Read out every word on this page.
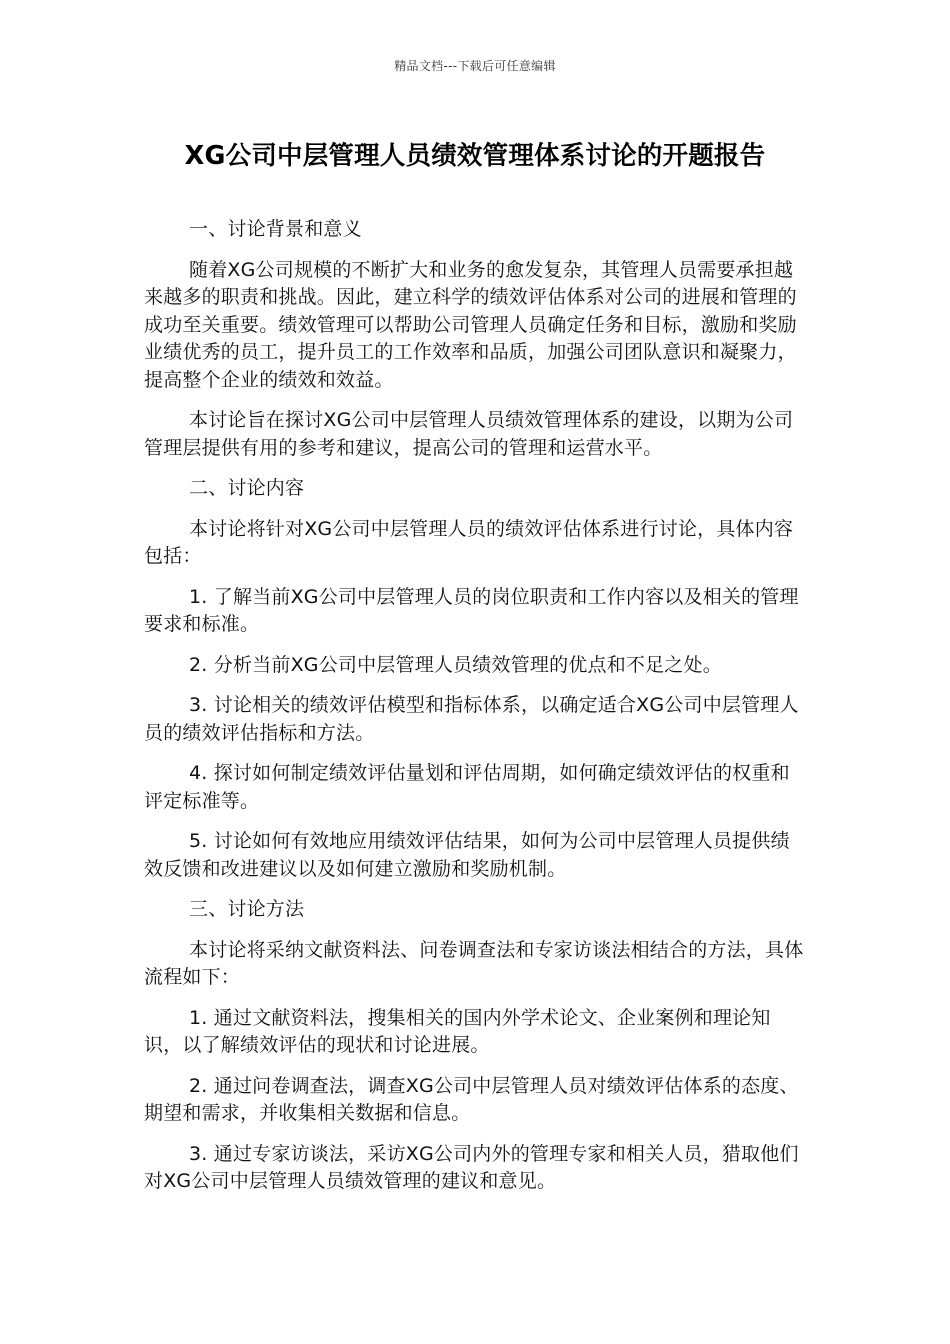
精品文档---下载后可任意编辑
XG公司中层管理人员绩效管理体系讨论的开题报告

一、讨论背景和意义

随着XG公司规模的不断扩大和业务的愈发复杂，其管理人员需要承担越来越多的职责和挑战。因此，建立科学的绩效评估体系对公司的进展和管理的成功至关重要。绩效管理可以帮助公司管理人员确定任务和目标，激励和奖励业绩优秀的员工，提升员工的工作效率和品质，加强公司团队意识和凝聚力，提高整个企业的绩效和效益。

本讨论旨在探讨XG公司中层管理人员绩效管理体系的建设，以期为公司管理层提供有用的参考和建议，提高公司的管理和运营水平。

二、讨论内容

本讨论将针对XG公司中层管理人员的绩效评估体系进行讨论，具体内容包括：

1. 了解当前XG公司中层管理人员的岗位职责和工作内容以及相关的管理要求和标准。

2. 分析当前XG公司中层管理人员绩效管理的优点和不足之处。

3. 讨论相关的绩效评估模型和指标体系，以确定适合XG公司中层管理人员的绩效评估指标和方法。

4. 探讨如何制定绩效评估量划和评估周期，如何确定绩效评估的权重和评定标准等。

5. 讨论如何有效地应用绩效评估结果，如何为公司中层管理人员提供绩效反馈和改进建议以及如何建立激励和奖励机制。

三、讨论方法

本讨论将采纳文献资料法、问卷调查法和专家访谈法相结合的方法，具体流程如下：

1. 通过文献资料法，搜集相关的国内外学术论文、企业案例和理论知识，以了解绩效评估的现状和讨论进展。

2. 通过问卷调查法，调查XG公司中层管理人员对绩效评估体系的态度、期望和需求，并收集相关数据和信息。

3. 通过专家访谈法，采访XG公司内外的管理专家和相关人员，猎取他们对XG公司中层管理人员绩效管理的建议和意见。
